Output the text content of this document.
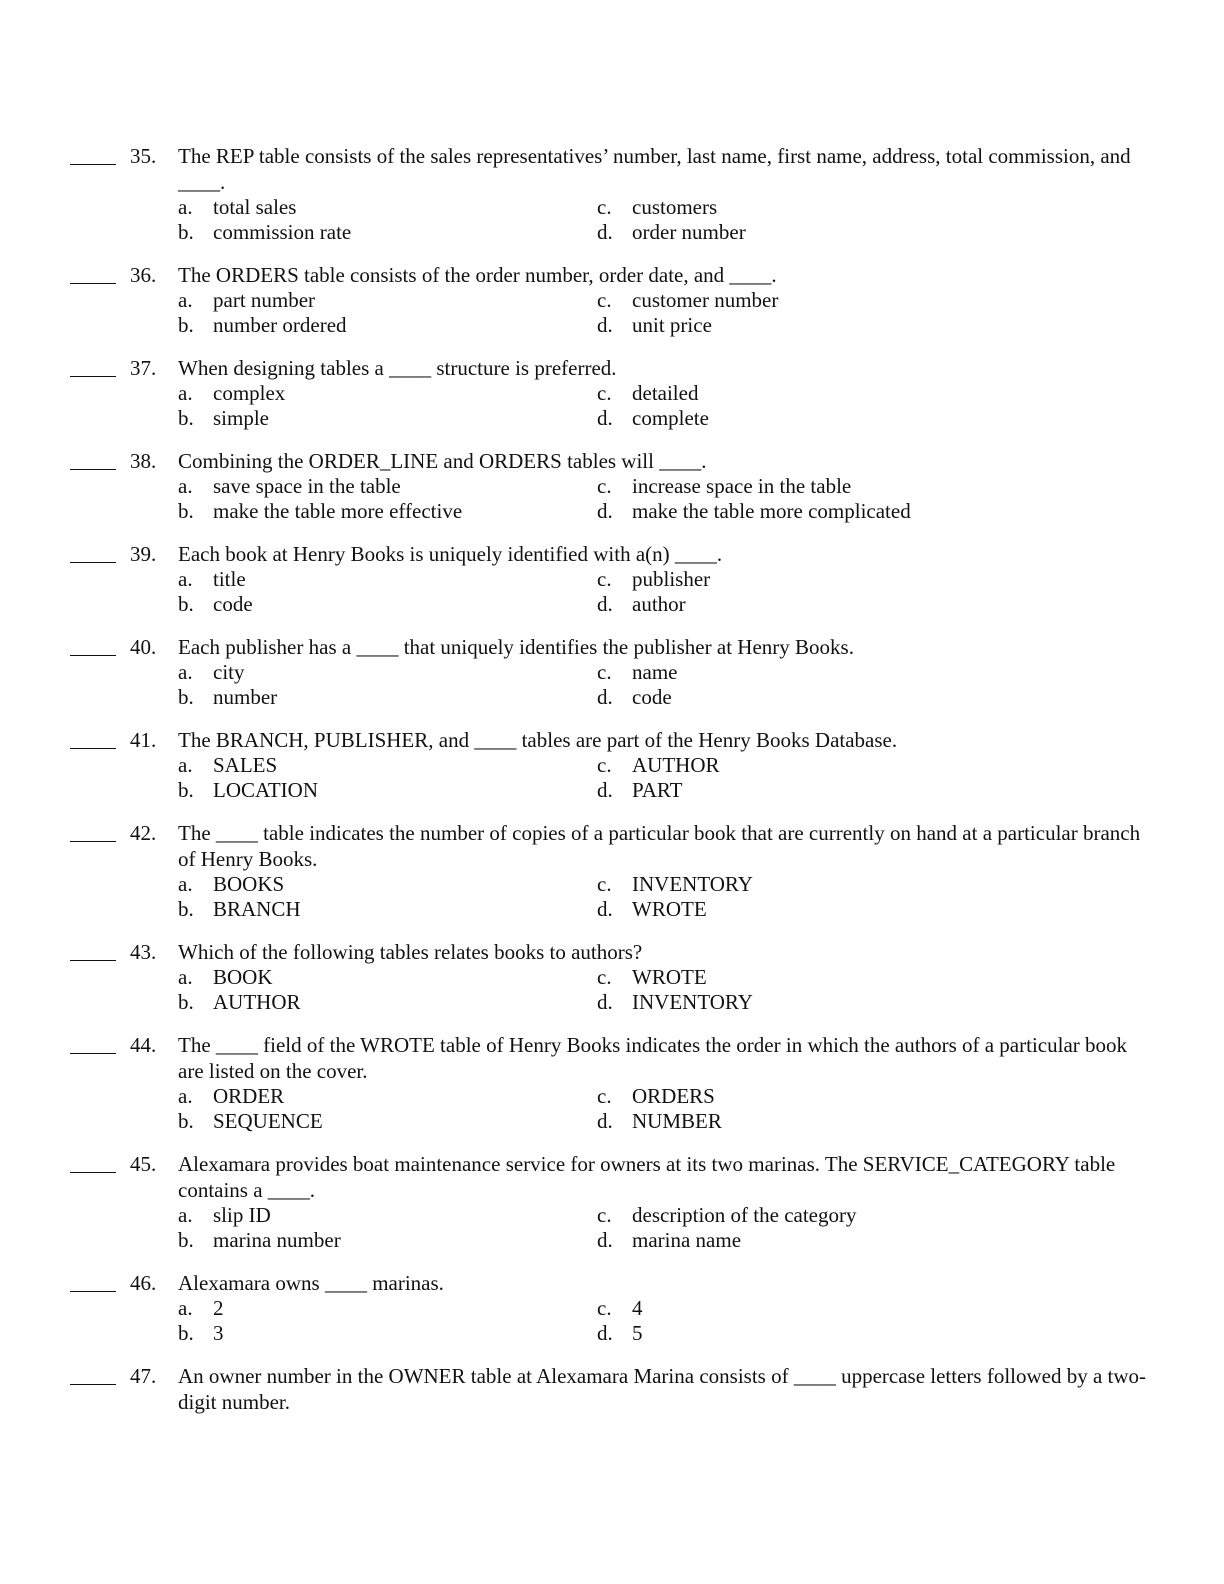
35.	The REP table consists of the sales representatives’ number, last name, first name, address, total commission, and ____.
a. total sales	c. customers
b. commission rate	d. order number
36.	The ORDERS table consists of the order number, order date, and ____.
a. part number	c. customer number
b. number ordered	d. unit price
37.	When designing tables a ____ structure is preferred.
a. complex	c. detailed
b. simple	d. complete
38.	Combining the ORDER_LINE and ORDERS tables will ____.
a. save space in the table	c. increase space in the table
b. make the table more effective	d. make the table more complicated
39.	Each book at Henry Books is uniquely identified with a(n) ____.
a. title	c. publisher
b. code	d. author
40.	Each publisher has a ____ that uniquely identifies the publisher at Henry Books.
a. city	c. name
b. number	d. code
41.	The BRANCH, PUBLISHER, and ____ tables are part of the Henry Books Database.
a. SALES	c. AUTHOR
b. LOCATION	d. PART
42.	The ____ table indicates the number of copies of a particular book that are currently on hand at a particular branch of Henry Books.
a. BOOKS	c. INVENTORY
b. BRANCH	d. WROTE
43.	Which of the following tables relates books to authors?
a. BOOK	c. WROTE
b. AUTHOR	d. INVENTORY
44.	The ____ field of the WROTE table of Henry Books indicates the order in which the authors of a particular book are listed on the cover.
a. ORDER	c. ORDERS
b. SEQUENCE	d. NUMBER
45.	Alexamara provides boat maintenance service for owners at its two marinas. The SERVICE_CATEGORY table contains a ____.
a. slip ID	c. description of the category
b. marina number	d. marina name
46.	Alexamara owns ____ marinas.
a. 2	c. 4
b. 3	d. 5
47.	An owner number in the OWNER table at Alexamara Marina consists of ____ uppercase letters followed by a two-digit number.
